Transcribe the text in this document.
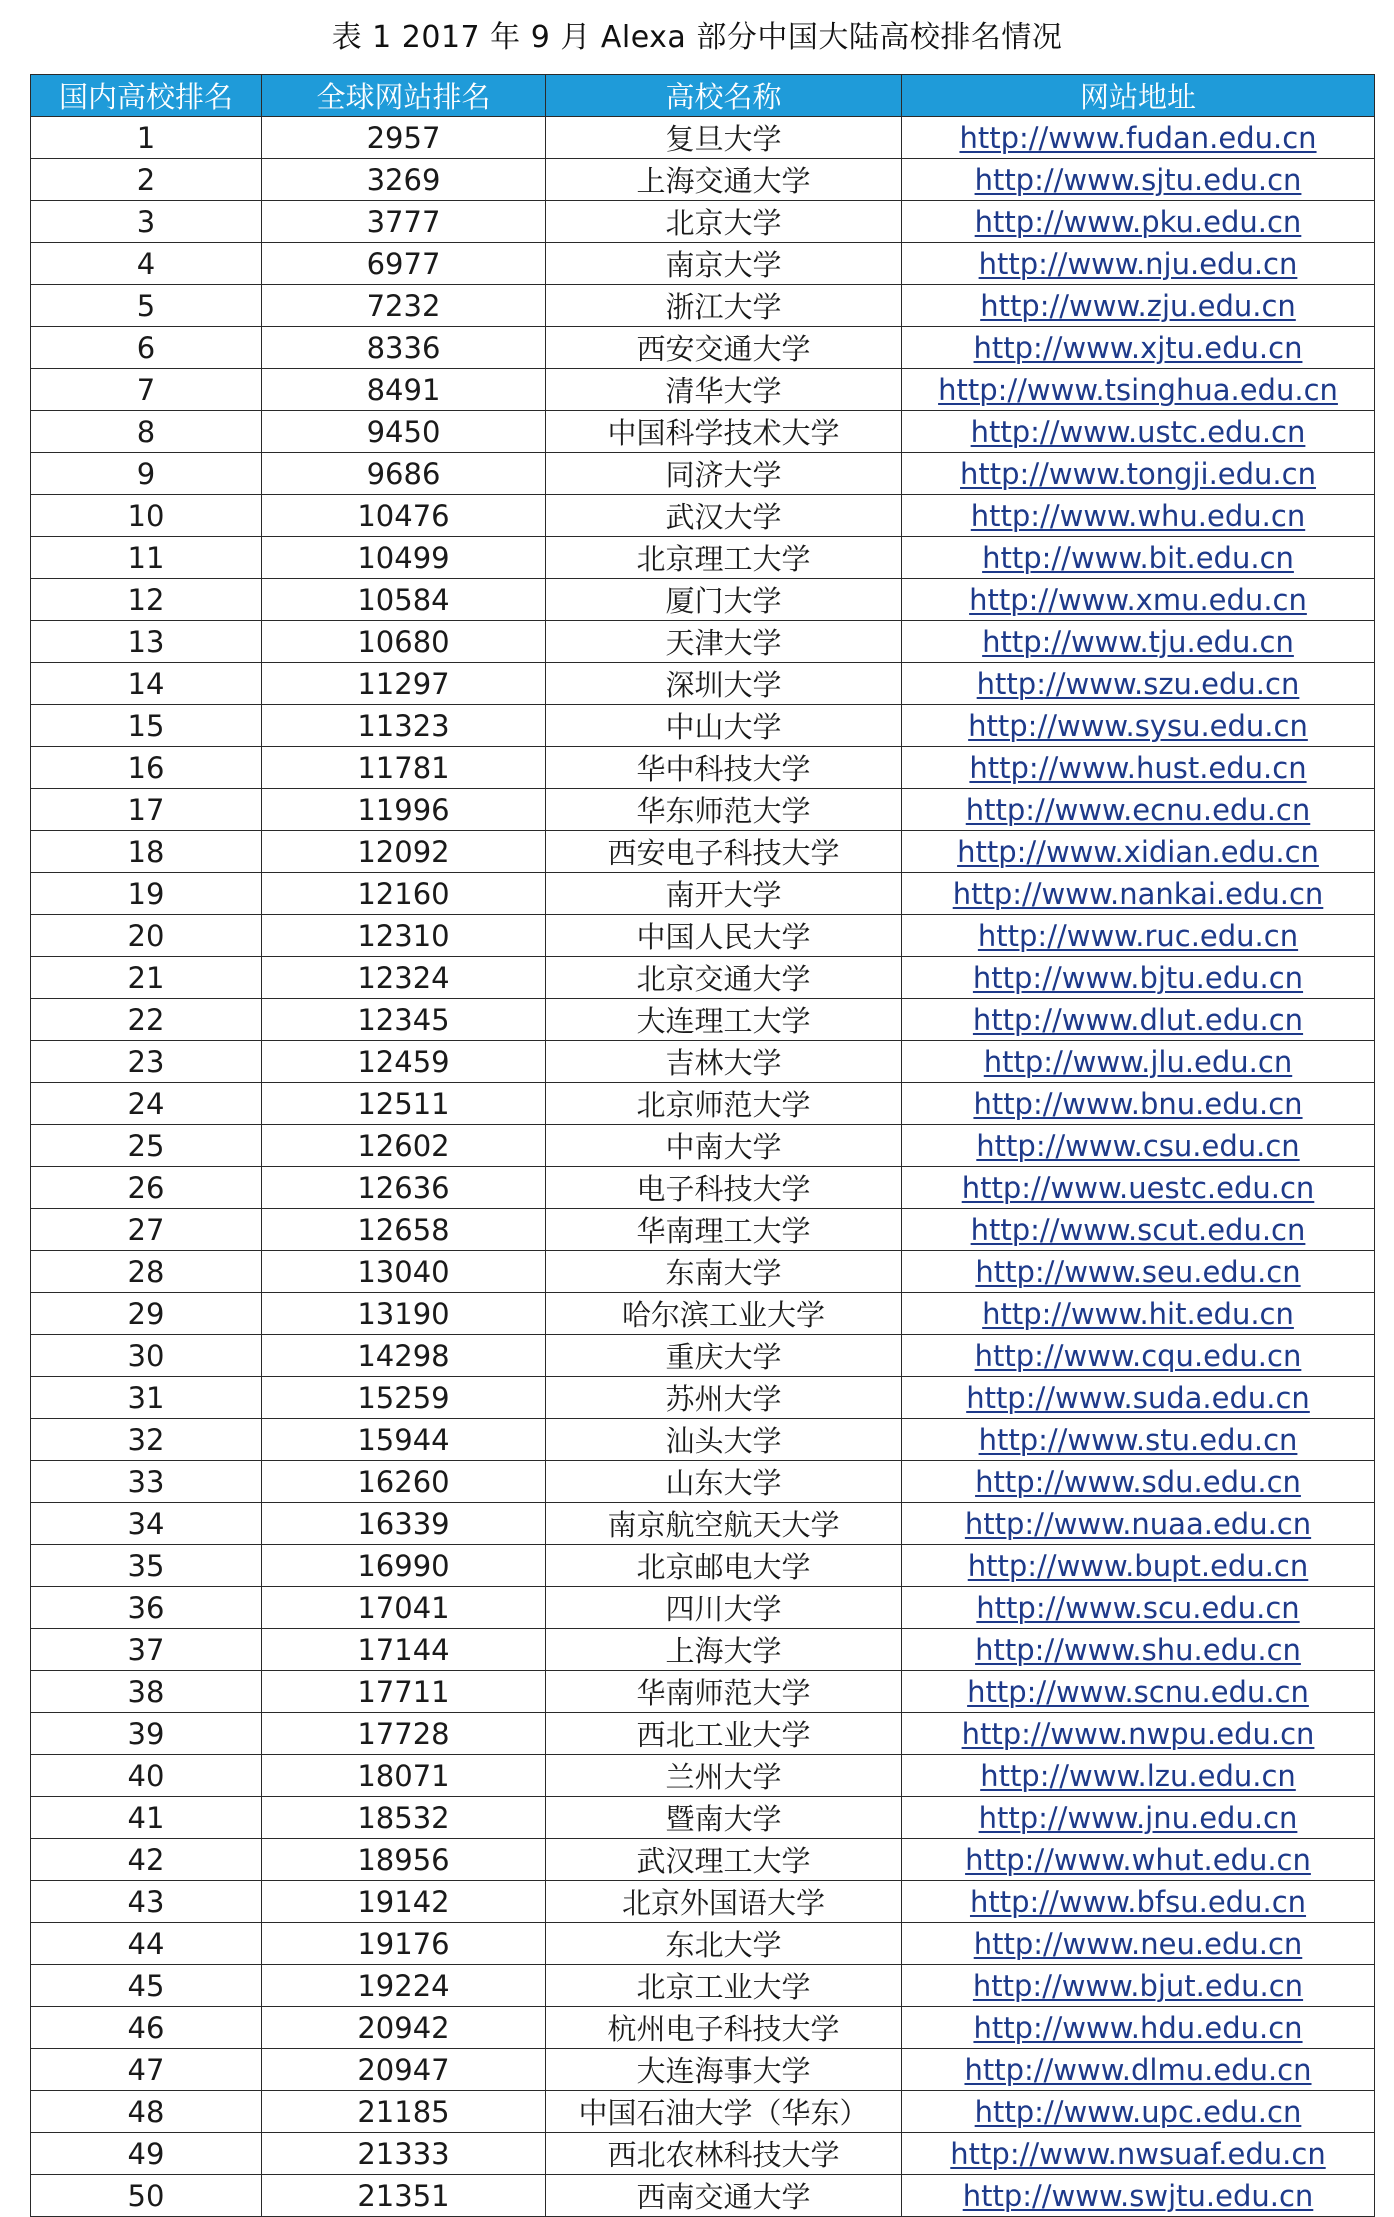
表 1 2017 年 9 月 Alexa 部分中国大陆高校排名情况
国内高校排名	全球网站排名	高校名称	网站地址
1	2957	复旦大学	http://www.fudan.edu.cn
2	3269	上海交通大学	http://www.sjtu.edu.cn
3	3777	北京大学	http://www.pku.edu.cn
4	6977	南京大学	http://www.nju.edu.cn
5	7232	浙江大学	http://www.zju.edu.cn
6	8336	西安交通大学	http://www.xjtu.edu.cn
7	8491	清华大学	http://www.tsinghua.edu.cn
8	9450	中国科学技术大学	http://www.ustc.edu.cn
9	9686	同济大学	http://www.tongji.edu.cn
10	10476	武汉大学	http://www.whu.edu.cn
11	10499	北京理工大学	http://www.bit.edu.cn
12	10584	厦门大学	http://www.xmu.edu.cn
13	10680	天津大学	http://www.tju.edu.cn
14	11297	深圳大学	http://www.szu.edu.cn
15	11323	中山大学	http://www.sysu.edu.cn
16	11781	华中科技大学	http://www.hust.edu.cn
17	11996	华东师范大学	http://www.ecnu.edu.cn
18	12092	西安电子科技大学	http://www.xidian.edu.cn
19	12160	南开大学	http://www.nankai.edu.cn
20	12310	中国人民大学	http://www.ruc.edu.cn
21	12324	北京交通大学	http://www.bjtu.edu.cn
22	12345	大连理工大学	http://www.dlut.edu.cn
23	12459	吉林大学	http://www.jlu.edu.cn
24	12511	北京师范大学	http://www.bnu.edu.cn
25	12602	中南大学	http://www.csu.edu.cn
26	12636	电子科技大学	http://www.uestc.edu.cn
27	12658	华南理工大学	http://www.scut.edu.cn
28	13040	东南大学	http://www.seu.edu.cn
29	13190	哈尔滨工业大学	http://www.hit.edu.cn
30	14298	重庆大学	http://www.cqu.edu.cn
31	15259	苏州大学	http://www.suda.edu.cn
32	15944	汕头大学	http://www.stu.edu.cn
33	16260	山东大学	http://www.sdu.edu.cn
34	16339	南京航空航天大学	http://www.nuaa.edu.cn
35	16990	北京邮电大学	http://www.bupt.edu.cn
36	17041	四川大学	http://www.scu.edu.cn
37	17144	上海大学	http://www.shu.edu.cn
38	17711	华南师范大学	http://www.scnu.edu.cn
39	17728	西北工业大学	http://www.nwpu.edu.cn
40	18071	兰州大学	http://www.lzu.edu.cn
41	18532	暨南大学	http://www.jnu.edu.cn
42	18956	武汉理工大学	http://www.whut.edu.cn
43	19142	北京外国语大学	http://www.bfsu.edu.cn
44	19176	东北大学	http://www.neu.edu.cn
45	19224	北京工业大学	http://www.bjut.edu.cn
46	20942	杭州电子科技大学	http://www.hdu.edu.cn
47	20947	大连海事大学	http://www.dlmu.edu.cn
48	21185	中国石油大学（华东）	http://www.upc.edu.cn
49	21333	西北农林科技大学	http://www.nwsuaf.edu.cn
50	21351	西南交通大学	http://www.swjtu.edu.cn
